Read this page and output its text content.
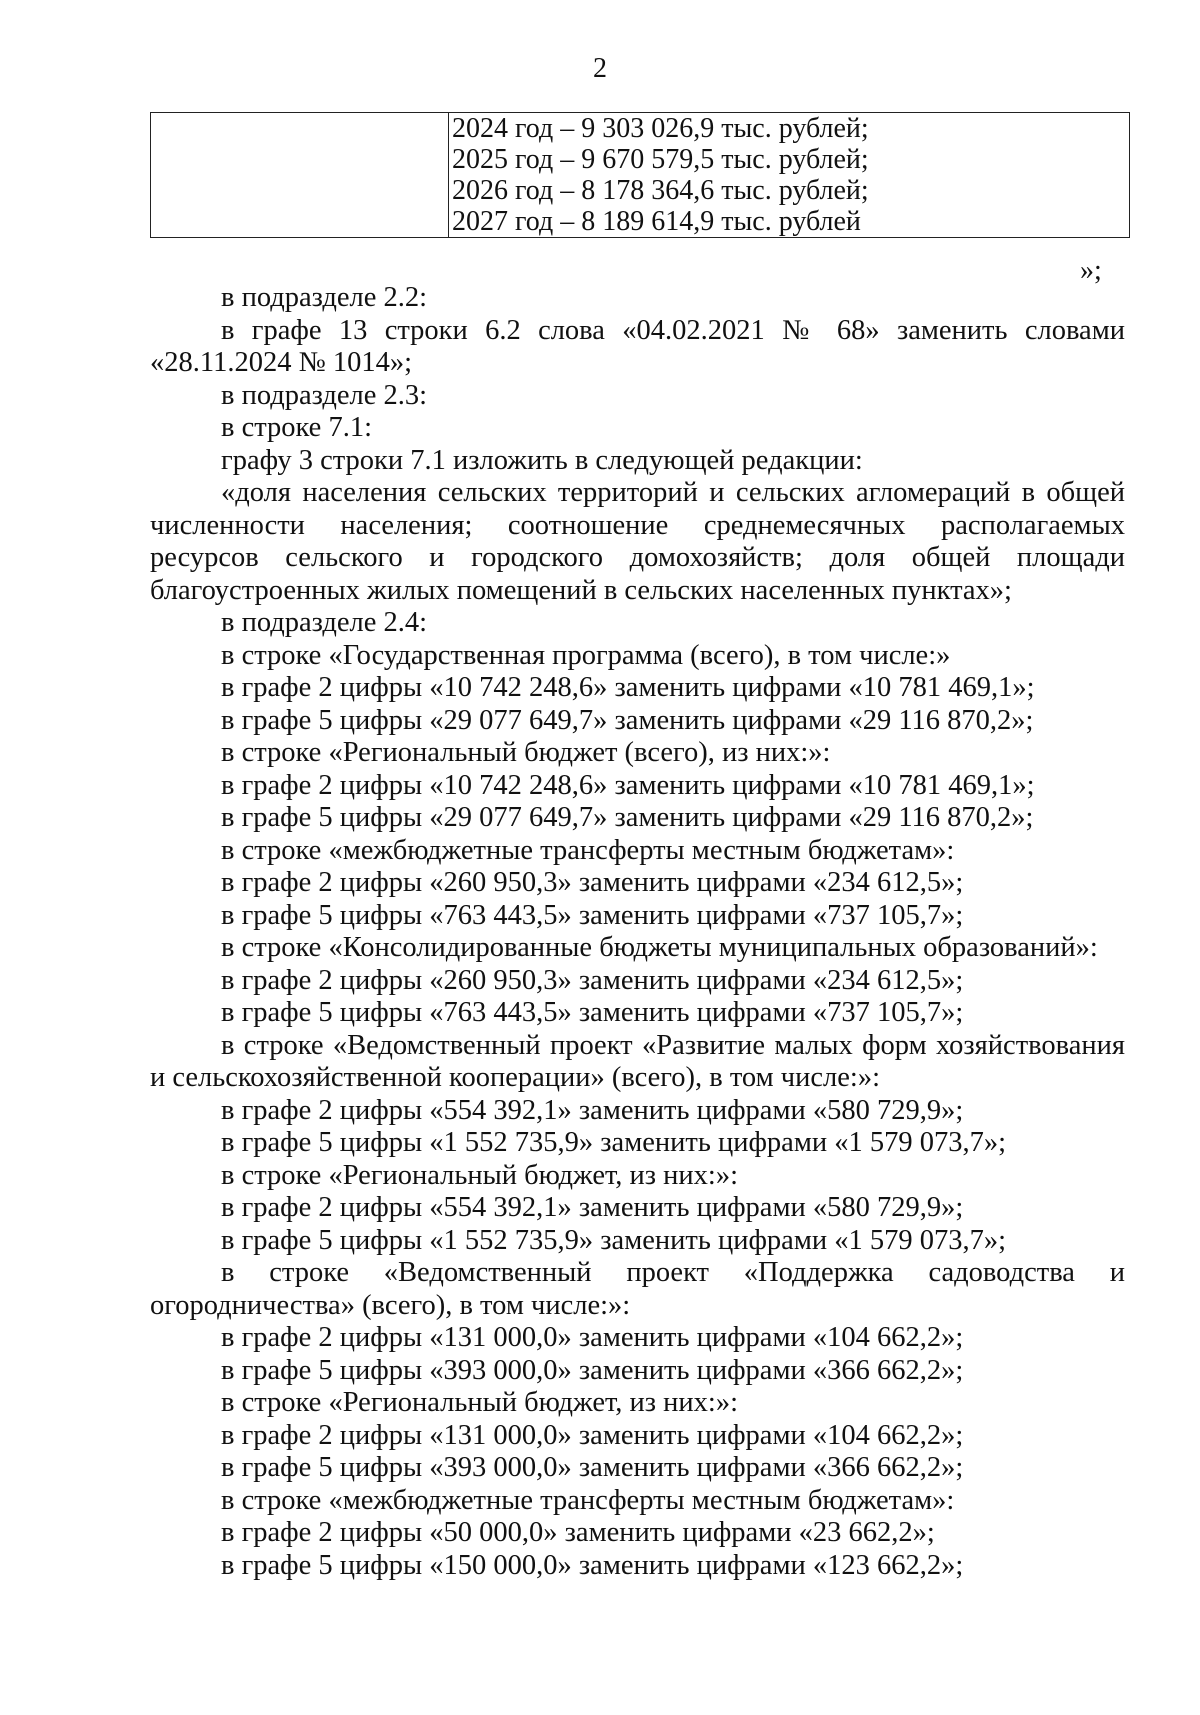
2

2024 год – 9 303 026,9 тыс. рублей;
2025 год – 9 670 579,5 тыс. рублей;
2026 год – 8 178 364,6 тыс. рублей;
2027 год – 8 189 614,9 тыс. рублей
»;

в подразделе 2.2:

в графе 13 строки 6.2 слова «04.02.2021 № 68» заменить словами «28.11.2024 № 1014»;

в подразделе 2.3:

в строке 7.1:

графу 3 строки 7.1 изложить в следующей редакции:

«доля населения сельских территорий и сельских агломераций в общей численности населения; соотношение среднемесячных располагаемых ресурсов сельского и городского домохозяйств; доля общей площади благоустроенных жилых помещений в сельских населенных пунктах»;

в подразделе 2.4:

в строке «Государственная программа (всего), в том числе:»

в графе 2 цифры «10 742 248,6» заменить цифрами «10 781 469,1»;

в графе 5 цифры «29 077 649,7» заменить цифрами «29 116 870,2»;

в строке «Региональный бюджет (всего), из них:»:

в графе 2 цифры «10 742 248,6» заменить цифрами «10 781 469,1»;

в графе 5 цифры «29 077 649,7» заменить цифрами «29 116 870,2»;

в строке «межбюджетные трансферты местным бюджетам»:

в графе 2 цифры «260 950,3» заменить цифрами «234 612,5»;

в графе 5 цифры «763 443,5» заменить цифрами «737 105,7»;

в строке «Консолидированные бюджеты муниципальных образований»:

в графе 2 цифры «260 950,3» заменить цифрами «234 612,5»;

в графе 5 цифры «763 443,5» заменить цифрами «737 105,7»;

в строке «Ведомственный проект «Развитие малых форм хозяйствования и сельскохозяйственной кооперации» (всего), в том числе:»:

в графе 2 цифры «554 392,1» заменить цифрами «580 729,9»;

в графе 5 цифры «1 552 735,9» заменить цифрами «1 579 073,7»;

в строке «Региональный бюджет, из них:»:

в графе 2 цифры «554 392,1» заменить цифрами «580 729,9»;

в графе 5 цифры «1 552 735,9» заменить цифрами «1 579 073,7»;

в строке «Ведомственный проект «Поддержка садоводства и огородничества» (всего), в том числе:»:

в графе 2 цифры «131 000,0» заменить цифрами «104 662,2»;

в графе 5 цифры «393 000,0» заменить цифрами «366 662,2»;

в строке «Региональный бюджет, из них:»:

в графе 2 цифры «131 000,0» заменить цифрами «104 662,2»;

в графе 5 цифры «393 000,0» заменить цифрами «366 662,2»;

в строке «межбюджетные трансферты местным бюджетам»:

в графе 2 цифры «50 000,0» заменить цифрами «23 662,2»;

в графе 5 цифры «150 000,0» заменить цифрами «123 662,2»;
